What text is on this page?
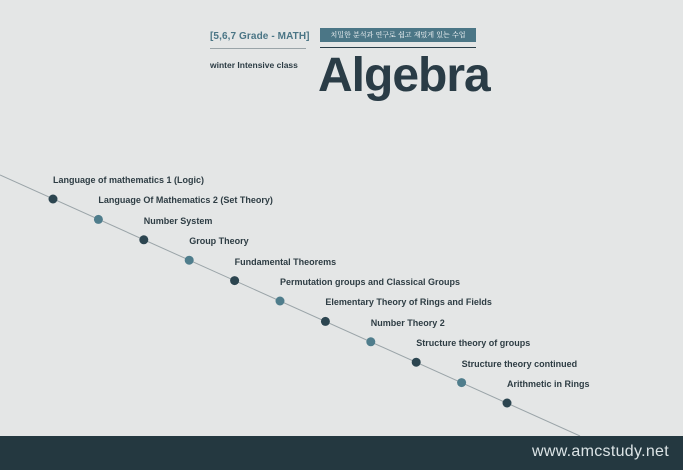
[5,6,7 Grade - MATH]
winter Intensive class
치밀한 분석과 연구로 쉽고 재밌게 있는 수업
Algebra
Language of mathematics 1 (Logic)
Language Of Mathematics 2 (Set Theory)
Number System
Group Theory
Fundamental Theorems
Permutation groups and Classical Groups
Elementary Theory of Rings and Fields
Number Theory 2
Structure theory of groups
Structure theory continued
Arithmetic in Rings
www.amcstudy.net
